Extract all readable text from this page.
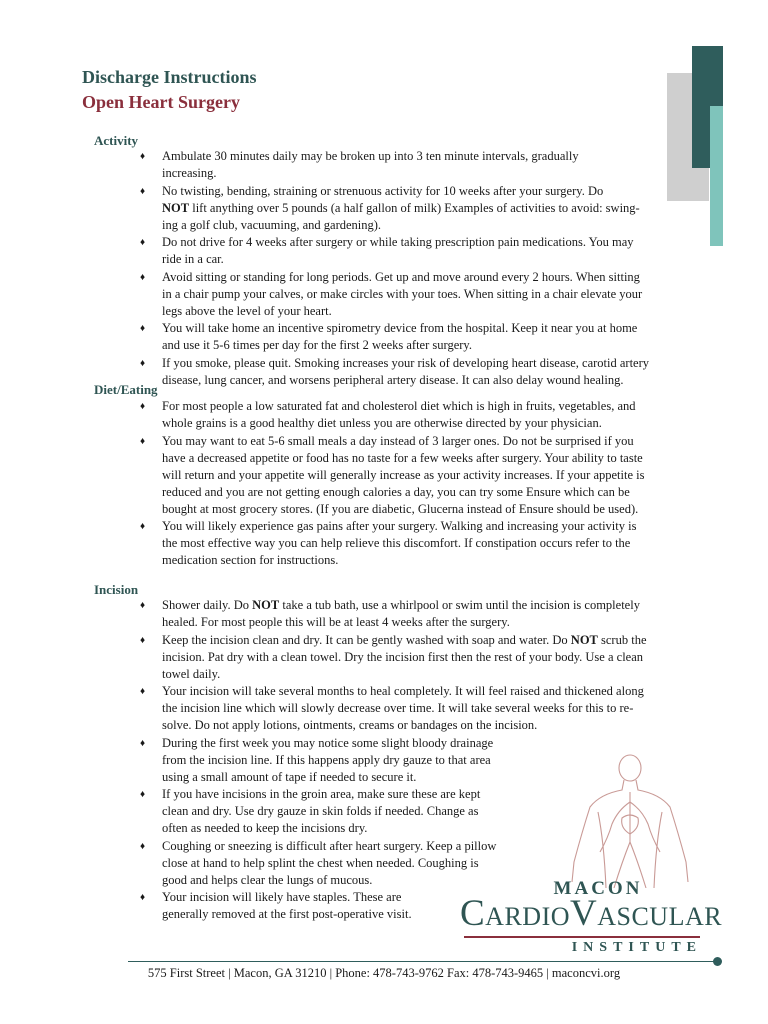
Discharge Instructions
Open Heart Surgery
Activity
♦ Ambulate 30 minutes daily may be broken up into 3 ten minute intervals, gradually
increasing.
♦ No twisting, bending, straining or strenuous activity for 10 weeks after your surgery. Do
NOT lift anything over 5 pounds (a half gallon of milk) Examples of activities to avoid: swing-
ing a golf club, vacuuming, and gardening).
♦ Do not drive for 4 weeks after surgery or while taking prescription pain medications. You may
ride in a car.
♦ Avoid sitting or standing for long periods. Get up and move around every 2 hours. When sitting
in a chair pump your calves, or make circles with your toes. When sitting in a chair elevate your
legs above the level of your heart.
♦ You will take home an incentive spirometry device from the hospital. Keep it near you at home
and use it 5-6 times per day for the first 2 weeks after surgery.
♦ If you smoke, please quit. Smoking increases your risk of developing heart disease, carotid artery
disease, lung cancer, and worsens peripheral artery disease. It can also delay wound healing.
Diet/Eating
♦ For most people a low saturated fat and cholesterol diet which is high in fruits, vegetables, and
whole grains is a good healthy diet unless you are otherwise directed by your physician.
♦ You may want to eat 5-6 small meals a day instead of 3 larger ones. Do not be surprised if you
have a decreased appetite or food has no taste for a few weeks after surgery. Your ability to taste
will return and your appetite will generally increase as your activity increases. If your appetite is
reduced and you are not getting enough calories a day, you can try some Ensure which can be
bought at most grocery stores. (If you are diabetic, Glucerna instead of Ensure should be used).
♦ You will likely experience gas pains after your surgery. Walking and increasing your activity is
the most effective way you can help relieve this discomfort. If constipation occurs refer to the
medication section for instructions.
Incision
♦ Shower daily. Do NOT take a tub bath, use a whirlpool or swim until the incision is completely
healed. For most people this will be at least 4 weeks after the surgery.
♦ Keep the incision clean and dry. It can be gently washed with soap and water. Do NOT scrub the
incision. Pat dry with a clean towel. Dry the incision first then the rest of your body. Use a clean
towel daily.
♦ Your incision will take several months to heal completely. It will feel raised and thickened along
the incision line which will slowly decrease over time. It will take several weeks for this to re-
solve. Do not apply lotions, ointments, creams or bandages on the incision.
♦ During the first week you may notice some slight bloody drainage
from the incision line. If this happens apply dry gauze to that area
using a small amount of tape if needed to secure it.
♦ If you have incisions in the groin area, make sure these are kept
clean and dry. Use dry gauze in skin folds if needed. Change as
often as needed to keep the incisions dry.
♦ Coughing or sneezing is difficult after heart surgery. Keep a pillow
close at hand to help splint the chest when needed. Coughing is
good and helps clear the lungs of mucous.
♦ Your incision will likely have staples. These are
generally removed at the first post-operative visit.
MACON
CardioVascular
INSTITUTE
575 First Street | Macon, GA 31210 | Phone: 478-743-9762 Fax: 478-743-9465 | maconcvi.org
